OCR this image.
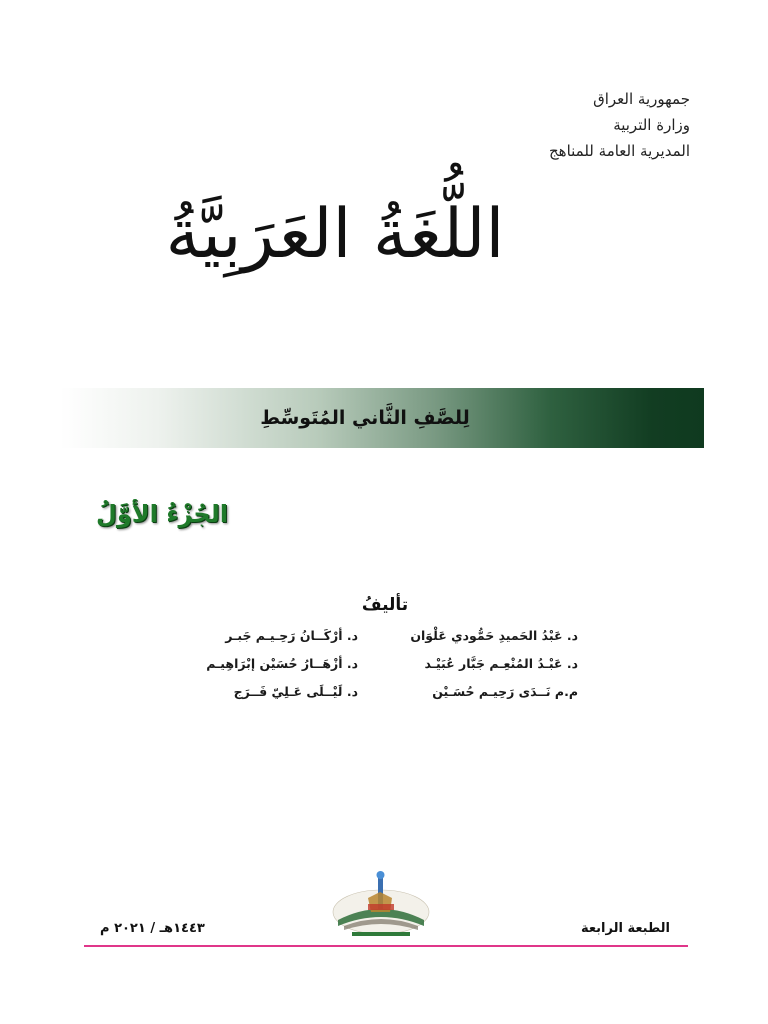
جمهورية العراق
وزارة التربية
المديرية العامة للمناهج
اللُّغَةُ العَرَبِيَّةُ
لِلصَّفِ الثَّاني المُتَوسِّطِ
الجُزْءُ الأوَّلُ
تأليفُ
د. عَبْدُ الحَميدِ حَمُّودي عَلْوَان
د. عَبْـدُ المُنْعِـم جَبَّار عُبَيْـد
م.م نَــدَى رَحِيـم حُسَـيْن
د. أرْكَــانُ رَحِـيـم جَبـر
د. أزْهَــارُ حُسَيْن إبْرَاهِيـم
د. لَيْــلَى عَـلِيّ فَــرَج
الطبعة الرابعة
١٤٤٣هـ / ٢٠٢١ م
